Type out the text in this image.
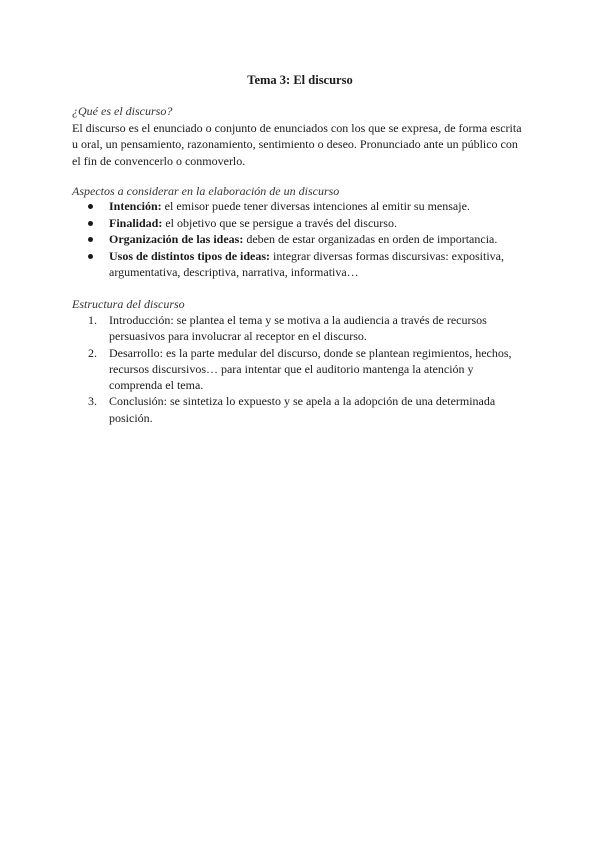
Tema 3: El discurso
¿Qué es el discurso?
El discurso es el enunciado o conjunto de enunciados con los que se expresa, de forma escrita
u oral, un pensamiento, razonamiento, sentimiento o deseo. Pronunciado ante un público con
el fin de convencerlo o conmoverlo.
Aspectos a considerar en la elaboración de un discurso
Intención: el emisor puede tener diversas intenciones al emitir su mensaje.
Finalidad: el objetivo que se persigue a través del discurso.
Organización de las ideas: deben de estar organizadas en orden de importancia.
Usos de distintos tipos de ideas: integrar diversas formas discursivas: expositiva,
argumentativa, descriptiva, narrativa, informativa…
Estructura del discurso
1. Introducción: se plantea el tema y se motiva a la audiencia a través de recursos
persuasivos para involucrar al receptor en el discurso.
2. Desarrollo: es la parte medular del discurso, donde se plantean regimientos, hechos,
recursos discursivos… para intentar que el auditorio mantenga la atención y
comprenda el tema.
3. Conclusión: se sintetiza lo expuesto y se apela a la adopción de una determinada
posición.
